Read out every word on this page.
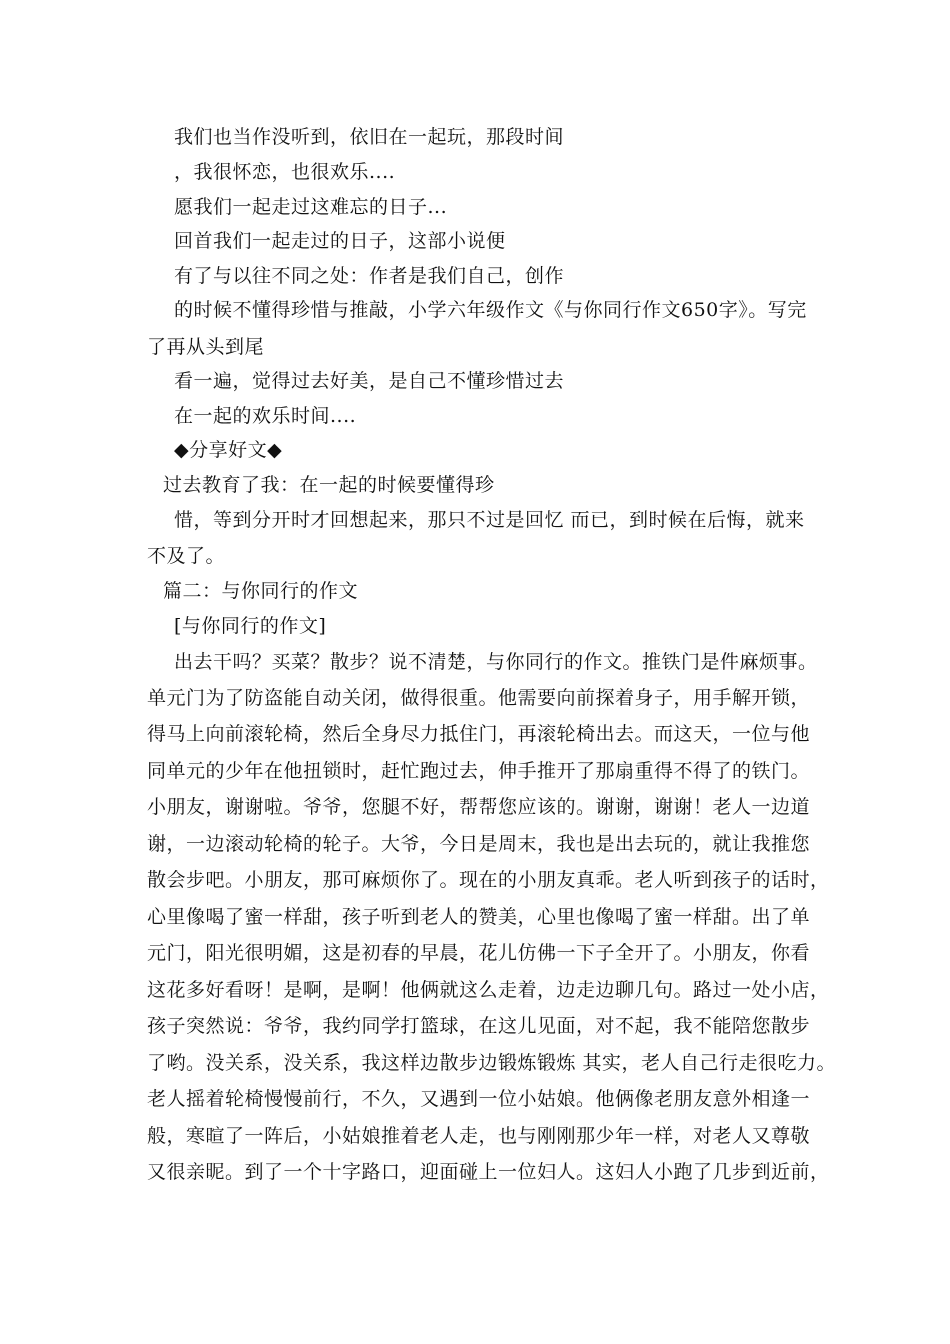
我们也当作没听到，依旧在一起玩，那段时间
，我很怀恋，也很欢乐....
愿我们一起走过这难忘的日子...
回首我们一起走过的日子，这部小说便
有了与以往不同之处：作者是我们自己，创作
的时候不懂得珍惜与推敲，小学六年级作文《与你同行作文650字》。写完
了再从头到尾
看一遍，觉得过去好美，是自己不懂珍惜过去
在一起的欢乐时间....
◆分享好文◆
过去教育了我：在一起的时候要懂得珍
惜，等到分开时才回想起来，那只不过是回忆 而已，到时候在后悔，就来
不及了。
篇二：与你同行的作文
[与你同行的作文]
出去干吗？买菜？散步？说不清楚，与你同行的作文。推铁门是件麻烦事。
单元门为了防盗能自动关闭，做得很重。他需要向前探着身子，用手解开锁，
得马上向前滚轮椅，然后全身尽力抵住门，再滚轮椅出去。而这天，一位与他
同单元的少年在他扭锁时，赶忙跑过去，伸手推开了那扇重得不得了的铁门。
小朋友，谢谢啦。爷爷，您腿不好，帮帮您应该的。谢谢，谢谢！老人一边道
谢，一边滚动轮椅的轮子。大爷，今日是周末，我也是出去玩的，就让我推您
散会步吧。小朋友，那可麻烦你了。现在的小朋友真乖。老人听到孩子的话时，
心里像喝了蜜一样甜，孩子听到老人的赞美，心里也像喝了蜜一样甜。出了单
元门，阳光很明媚，这是初春的早晨，花儿仿佛一下子全开了。小朋友，你看
这花多好看呀！是啊，是啊！他俩就这么走着，边走边聊几句。路过一处小店，
孩子突然说：爷爷，我约同学打篮球，在这儿见面，对不起，我不能陪您散步
了哟。没关系，没关系，我这样边散步边锻炼锻炼 其实，老人自己行走很吃力。
老人摇着轮椅慢慢前行，不久，又遇到一位小姑娘。他俩像老朋友意外相逢一
般，寒暄了一阵后，小姑娘推着老人走，也与刚刚那少年一样，对老人又尊敬
又很亲昵。到了一个十字路口，迎面碰上一位妇人。这妇人小跑了几步到近前，
